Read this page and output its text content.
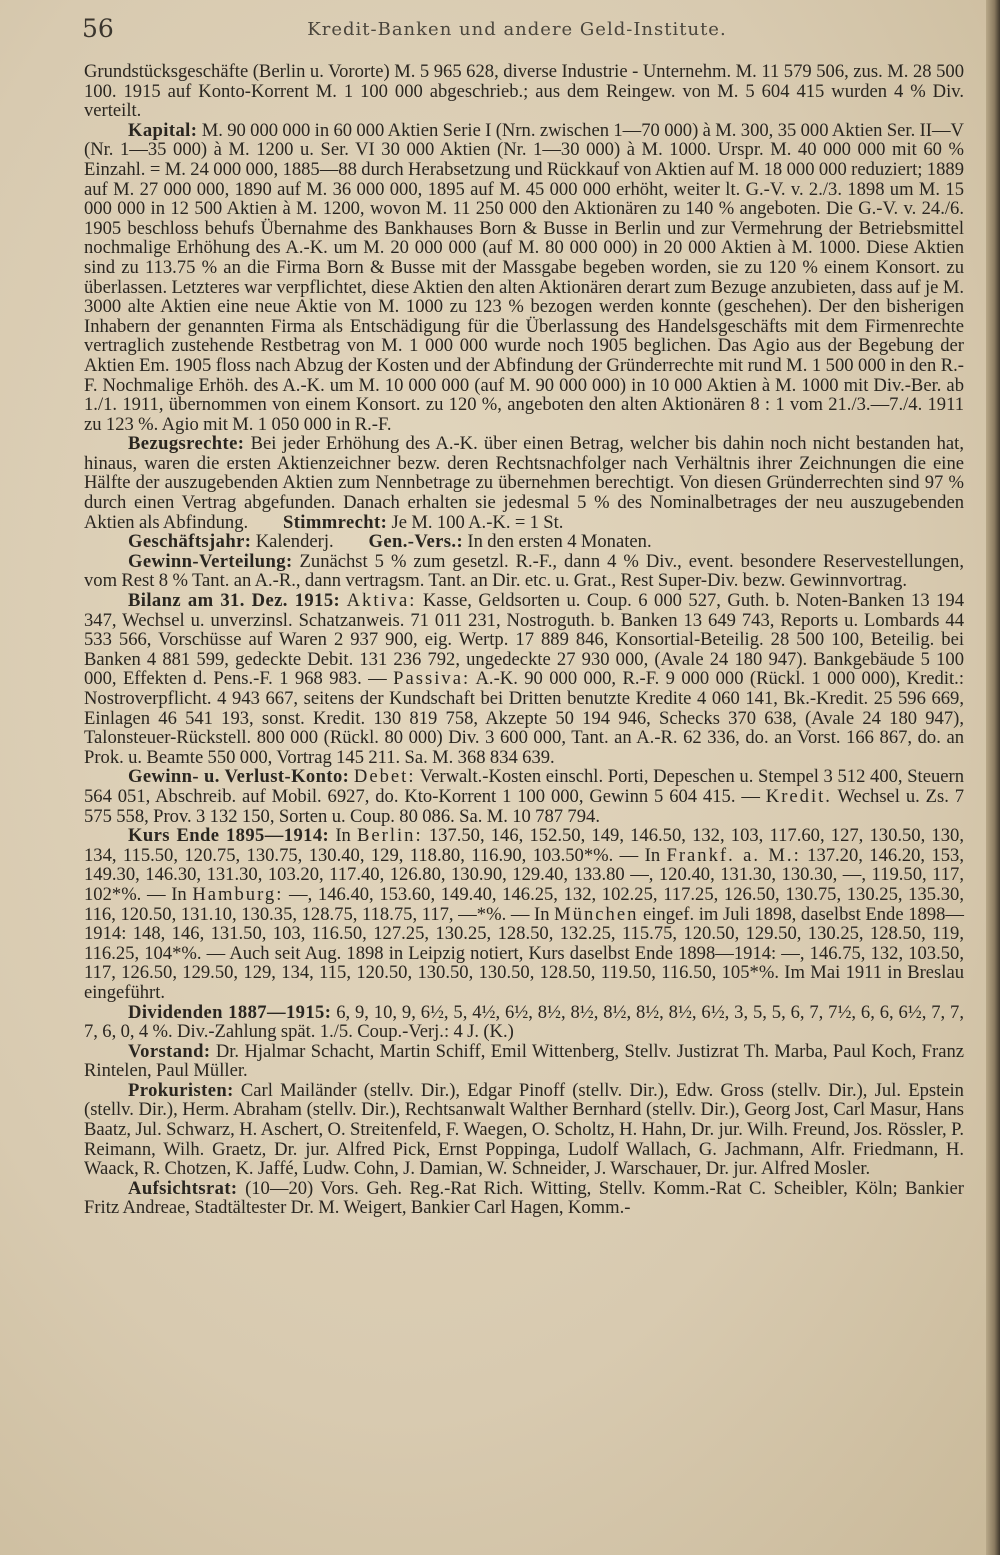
56	Kredit-Banken und andere Geld-Institute.

Grundstücksgeschäfte (Berlin u. Vororte) M. 5 965 628, diverse Industrie - Unternehm. M. 11 579 506, zus. M. 28 500 100. 1915 auf Konto-Korrent M. 1 100 000 abgeschrieb.; aus dem Reingew. von M. 5 604 415 wurden 4 % Div. verteilt.

Kapital: M. 90 000 000 in 60 000 Aktien Serie I (Nrn. zwischen 1—70 000) à M. 300, 35 000 Aktien Ser. II—V (Nr. 1—35 000) à M. 1200 u. Ser. VI 30 000 Aktien (Nr. 1—30 000) à M. 1000. Urspr. M. 40 000 000 mit 60 % Einzahl. = M. 24 000 000, 1885—88 durch Herabsetzung und Rückkauf von Aktien auf M. 18 000 000 reduziert; 1889 auf M. 27 000 000, 1890 auf M. 36 000 000, 1895 auf M. 45 000 000 erhöht, weiter lt. G.-V. v. 2./3. 1898 um M. 15 000 000 in 12 500 Aktien à M. 1200, wovon M. 11 250 000 den Aktionären zu 140 % angeboten. Die G.-V. v. 24./6. 1905 beschloss behufs Übernahme des Bankhauses Born & Busse in Berlin und zur Vermehrung der Betriebsmittel nochmalige Erhöhung des A.-K. um M. 20 000 000 (auf M. 80 000 000) in 20 000 Aktien à M. 1000. Diese Aktien sind zu 113.75 % an die Firma Born & Busse mit der Massgabe begeben worden, sie zu 120 % einem Konsort. zu überlassen. Letzteres war verpflichtet, diese Aktien den alten Aktionären derart zum Bezuge anzubieten, dass auf je M. 3000 alte Aktien eine neue Aktie von M. 1000 zu 123 % bezogen werden konnte (geschehen). Der den bisherigen Inhabern der genannten Firma als Entschädigung für die Überlassung des Handelsgeschäfts mit dem Firmenrechte vertraglich zustehende Restbetrag von M. 1 000 000 wurde noch 1905 beglichen. Das Agio aus der Begebung der Aktien Em. 1905 floss nach Abzug der Kosten und der Abfindung der Gründerrechte mit rund M. 1 500 000 in den R.-F. Nochmalige Erhöh. des A.-K. um M. 10 000 000 (auf M. 90 000 000) in 10 000 Aktien à M. 1000 mit Div.-Ber. ab 1./1. 1911, übernommen von einem Konsort. zu 120 %, angeboten den alten Aktionären 8 : 1 vom 21./3.—7./4. 1911 zu 123 %. Agio mit M. 1 050 000 in R.-F.

Bezugsrechte: Bei jeder Erhöhung des A.-K. über einen Betrag, welcher bis dahin noch nicht bestanden hat, hinaus, waren die ersten Aktienzeichner bezw. deren Rechtsnachfolger nach Verhältnis ihrer Zeichnungen die eine Hälfte der auszugebenden Aktien zum Nennbetrage zu übernehmen berechtigt. Von diesen Gründerrechten sind 97 % durch einen Vertrag abgefunden. Danach erhalten sie jedesmal 5 % des Nominalbetrages der neu auszugebenden Aktien als Abfindung. Stimmrecht: Je M. 100 A.-K. = 1 St.

Geschäftsjahr: Kalenderj. Gen.-Vers.: In den ersten 4 Monaten.

Gewinn-Verteilung: Zunächst 5 % zum gesetzl. R.-F., dann 4 % Div., event. besondere Reservestellungen, vom Rest 8 % Tant. an A.-R., dann vertragsm. Tant. an Dir. etc. u. Grat., Rest Super-Div. bezw. Gewinnvortrag.

Bilanz am 31. Dez. 1915: Aktiva: Kasse, Geldsorten u. Coup. 6 000 527, Guth. b. Noten-Banken 13 194 347, Wechsel u. unverzinsl. Schatzanweis. 71 011 231, Nostroguth. b. Banken 13 649 743, Reports u. Lombards 44 533 566, Vorschüsse auf Waren 2 937 900, eig. Wertp. 17 889 846, Konsortial-Beteilig. 28 500 100, Beteilig. bei Banken 4 881 599, gedeckte Debit. 131 236 792, ungedeckte 27 930 000, (Avale 24 180 947). Bankgebäude 5 100 000, Effekten d. Pens.-F. 1 968 983. — Passiva: A.-K. 90 000 000, R.-F. 9 000 000 (Rückl. 1 000 000), Kredit.: Nostroverpflicht. 4 943 667, seitens der Kundschaft bei Dritten benutzte Kredite 4 060 141, Bk.-Kredit. 25 596 669, Einlagen 46 541 193, sonst. Kredit. 130 819 758, Akzepte 50 194 946, Schecks 370 638, (Avale 24 180 947), Talonsteuer-Rückstell. 800 000 (Rückl. 80 000) Div. 3 600 000, Tant. an A.-R. 62 336, do. an Vorst. 166 867, do. an Prok. u. Beamte 550 000, Vortrag 145 211. Sa. M. 368 834 639.

Gewinn- u. Verlust-Konto: Debet: Verwalt.-Kosten einschl. Porti, Depeschen u. Stempel 3 512 400, Steuern 564 051, Abschreib. auf Mobil. 6927, do. Kto-Korrent 1 100 000, Gewinn 5 604 415. — Kredit. Wechsel u. Zs. 7 575 558, Prov. 3 132 150, Sorten u. Coup. 80 086. Sa. M. 10 787 794.

Kurs Ende 1895—1914: In Berlin: 137.50, 146, 152.50, 149, 146.50, 132, 103, 117.60, 127, 130.50, 130, 134, 115.50, 120.75, 130.75, 130.40, 129, 118.80, 116.90, 103.50*%. — In Frankf. a. M.: 137.20, 146.20, 153, 149.30, 146.30, 131.30, 103.20, 117.40, 126.80, 130.90, 129.40, 133.80 —, 120.40, 131.30, 130.30, —, 119.50, 117, 102*%. — In Hamburg: —, 146.40, 153.60, 149.40, 146.25, 132, 102.25, 117.25, 126.50, 130.75, 130.25, 135.30, 116, 120.50, 131.10, 130.35, 128.75, 118.75, 117, —*%. — In München eingef. im Juli 1898, daselbst Ende 1898—1914: 148, 146, 131.50, 103, 116.50, 127.25, 130.25, 128.50, 132.25, 115.75, 120.50, 129.50, 130.25, 128.50, 119, 116.25, 104*%. — Auch seit Aug. 1898 in Leipzig notiert, Kurs daselbst Ende 1898—1914: —, 146.75, 132, 103.50, 117, 126.50, 129.50, 129, 134, 115, 120.50, 130.50, 130.50, 128.50, 119.50, 116.50, 105*%. Im Mai 1911 in Breslau eingeführt.

Dividenden 1887—1915: 6, 9, 10, 9, 6½, 5, 4½, 6½, 8½, 8½, 8½, 8½, 8½, 6½, 3, 5, 5, 6, 7, 7½, 6, 6, 6½, 7, 7, 7, 6, 0, 4 %. Div.-Zahlung spät. 1./5. Coup.-Verj.: 4 J. (K.)

Vorstand: Dr. Hjalmar Schacht, Martin Schiff, Emil Wittenberg, Stellv. Justizrat Th. Marba, Paul Koch, Franz Rintelen, Paul Müller.

Prokuristen: Carl Mailänder (stellv. Dir.), Edgar Pinoff (stellv. Dir.), Edw. Gross (stellv. Dir.), Jul. Epstein (stellv. Dir.), Herm. Abraham (stellv. Dir.), Rechtsanwalt Walther Bernhard (stellv. Dir.), Georg Jost, Carl Masur, Hans Baatz, Jul. Schwarz, H. Aschert, O. Streitenfeld, F. Waegen, O. Scholtz, H. Hahn, Dr. jur. Wilh. Freund, Jos. Rössler, P. Reimann, Wilh. Graetz, Dr. jur. Alfred Pick, Ernst Poppinga, Ludolf Wallach, G. Jachmann, Alfr. Friedmann, H. Waack, R. Chotzen, K. Jaffé, Ludw. Cohn, J. Damian, W. Schneider, J. Warschauer, Dr. jur. Alfred Mosler.

Aufsichtsrat: (10—20) Vors. Geh. Reg.-Rat Rich. Witting, Stellv. Komm.-Rat C. Scheibler, Köln; Bankier Fritz Andreae, Stadtältester Dr. M. Weigert, Bankier Carl Hagen, Komm.-
